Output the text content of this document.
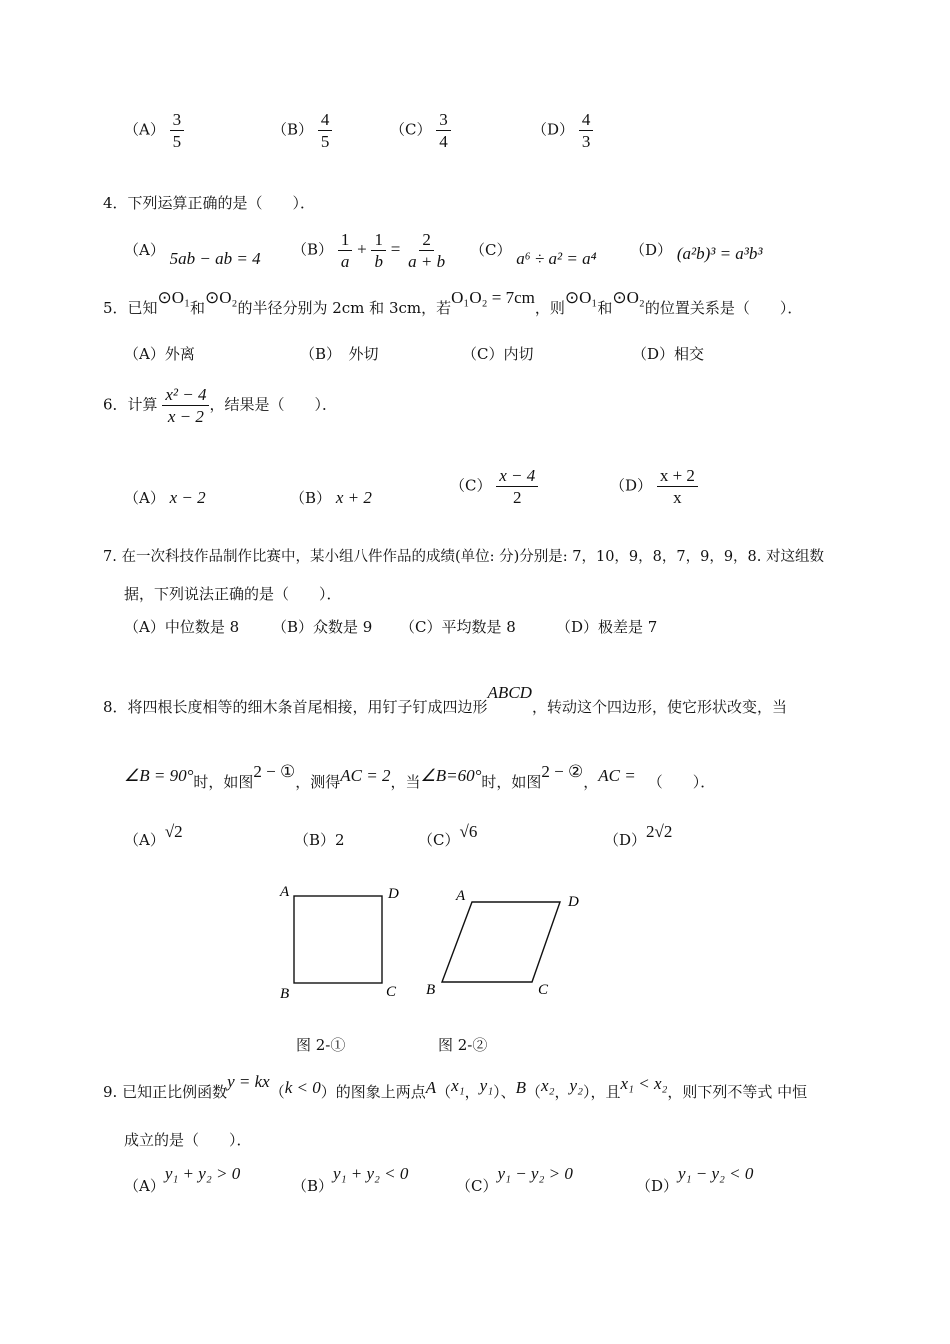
$(A) \frac{3}{5}$	$(B) \frac{4}{5}$	$(C) \frac{3}{4}$	$(D) \frac{4}{3}$
4．下列运算正确的是（　　）．
（A） 5ab − ab = 4 $(B) \frac{1}{a} + \frac{1}{b} = \frac{2}{a + b} (C) a^6 \div a^2 = a^4$ （D） (a²b)³ = a³b³
5．已知⊙O₁和⊙O₂的半径分别为 2cm 和 3cm，若O₁O₂ = 7cm，则⊙O₁和⊙O₂的位置关系是（　　）．
（A）外离	（B）　外切	（C）内切	（D）相交
6．计算 $\frac{\text{x² − 4}}{x - 2}$ ，结果是（　　）．
（A） x − 2	（B） x + 2
$(C) \frac{x - 4}{2}$	$(D) \frac{x + 2}{x}$
7. 在一次科技作品制作比赛中，某小组八件作品的成绩(单位: 分)分别是: 7，10，9，8，7，9，9，8. 对这组数
据，下列说法正确的是（　　）．
（A）中位数是 8 （B）众数是 9 （C）平均数是 8	（D）极差是 7
8．将四根长度相等的细木条首尾相接，用钉子钉成四边形ABCD，转动这个四边形，使它形状改变，当
∠B = 90°时，如图2 − ①，测得AC = 2，当∠B=60°时，如图2 − ②，AC = （　　）．
（A）√2	（B）2	（C）√6	（D）2√2
A	D
B	C
A	D
B	C
图 2-①	图 2-②
9. 已知正比例函数y = kx（k < 0）的图象上两点A（x₁，y₁）、B（x₂，y₂），且x₁ < x₂，则下列不等式 中恒
成立的是（　　）．
（A）y₁ + y₂ > 0
（B）y₁ + y₂ < 0
（C）y₁ − y₂ > 0
（D）y₁ − y₂ < 0
